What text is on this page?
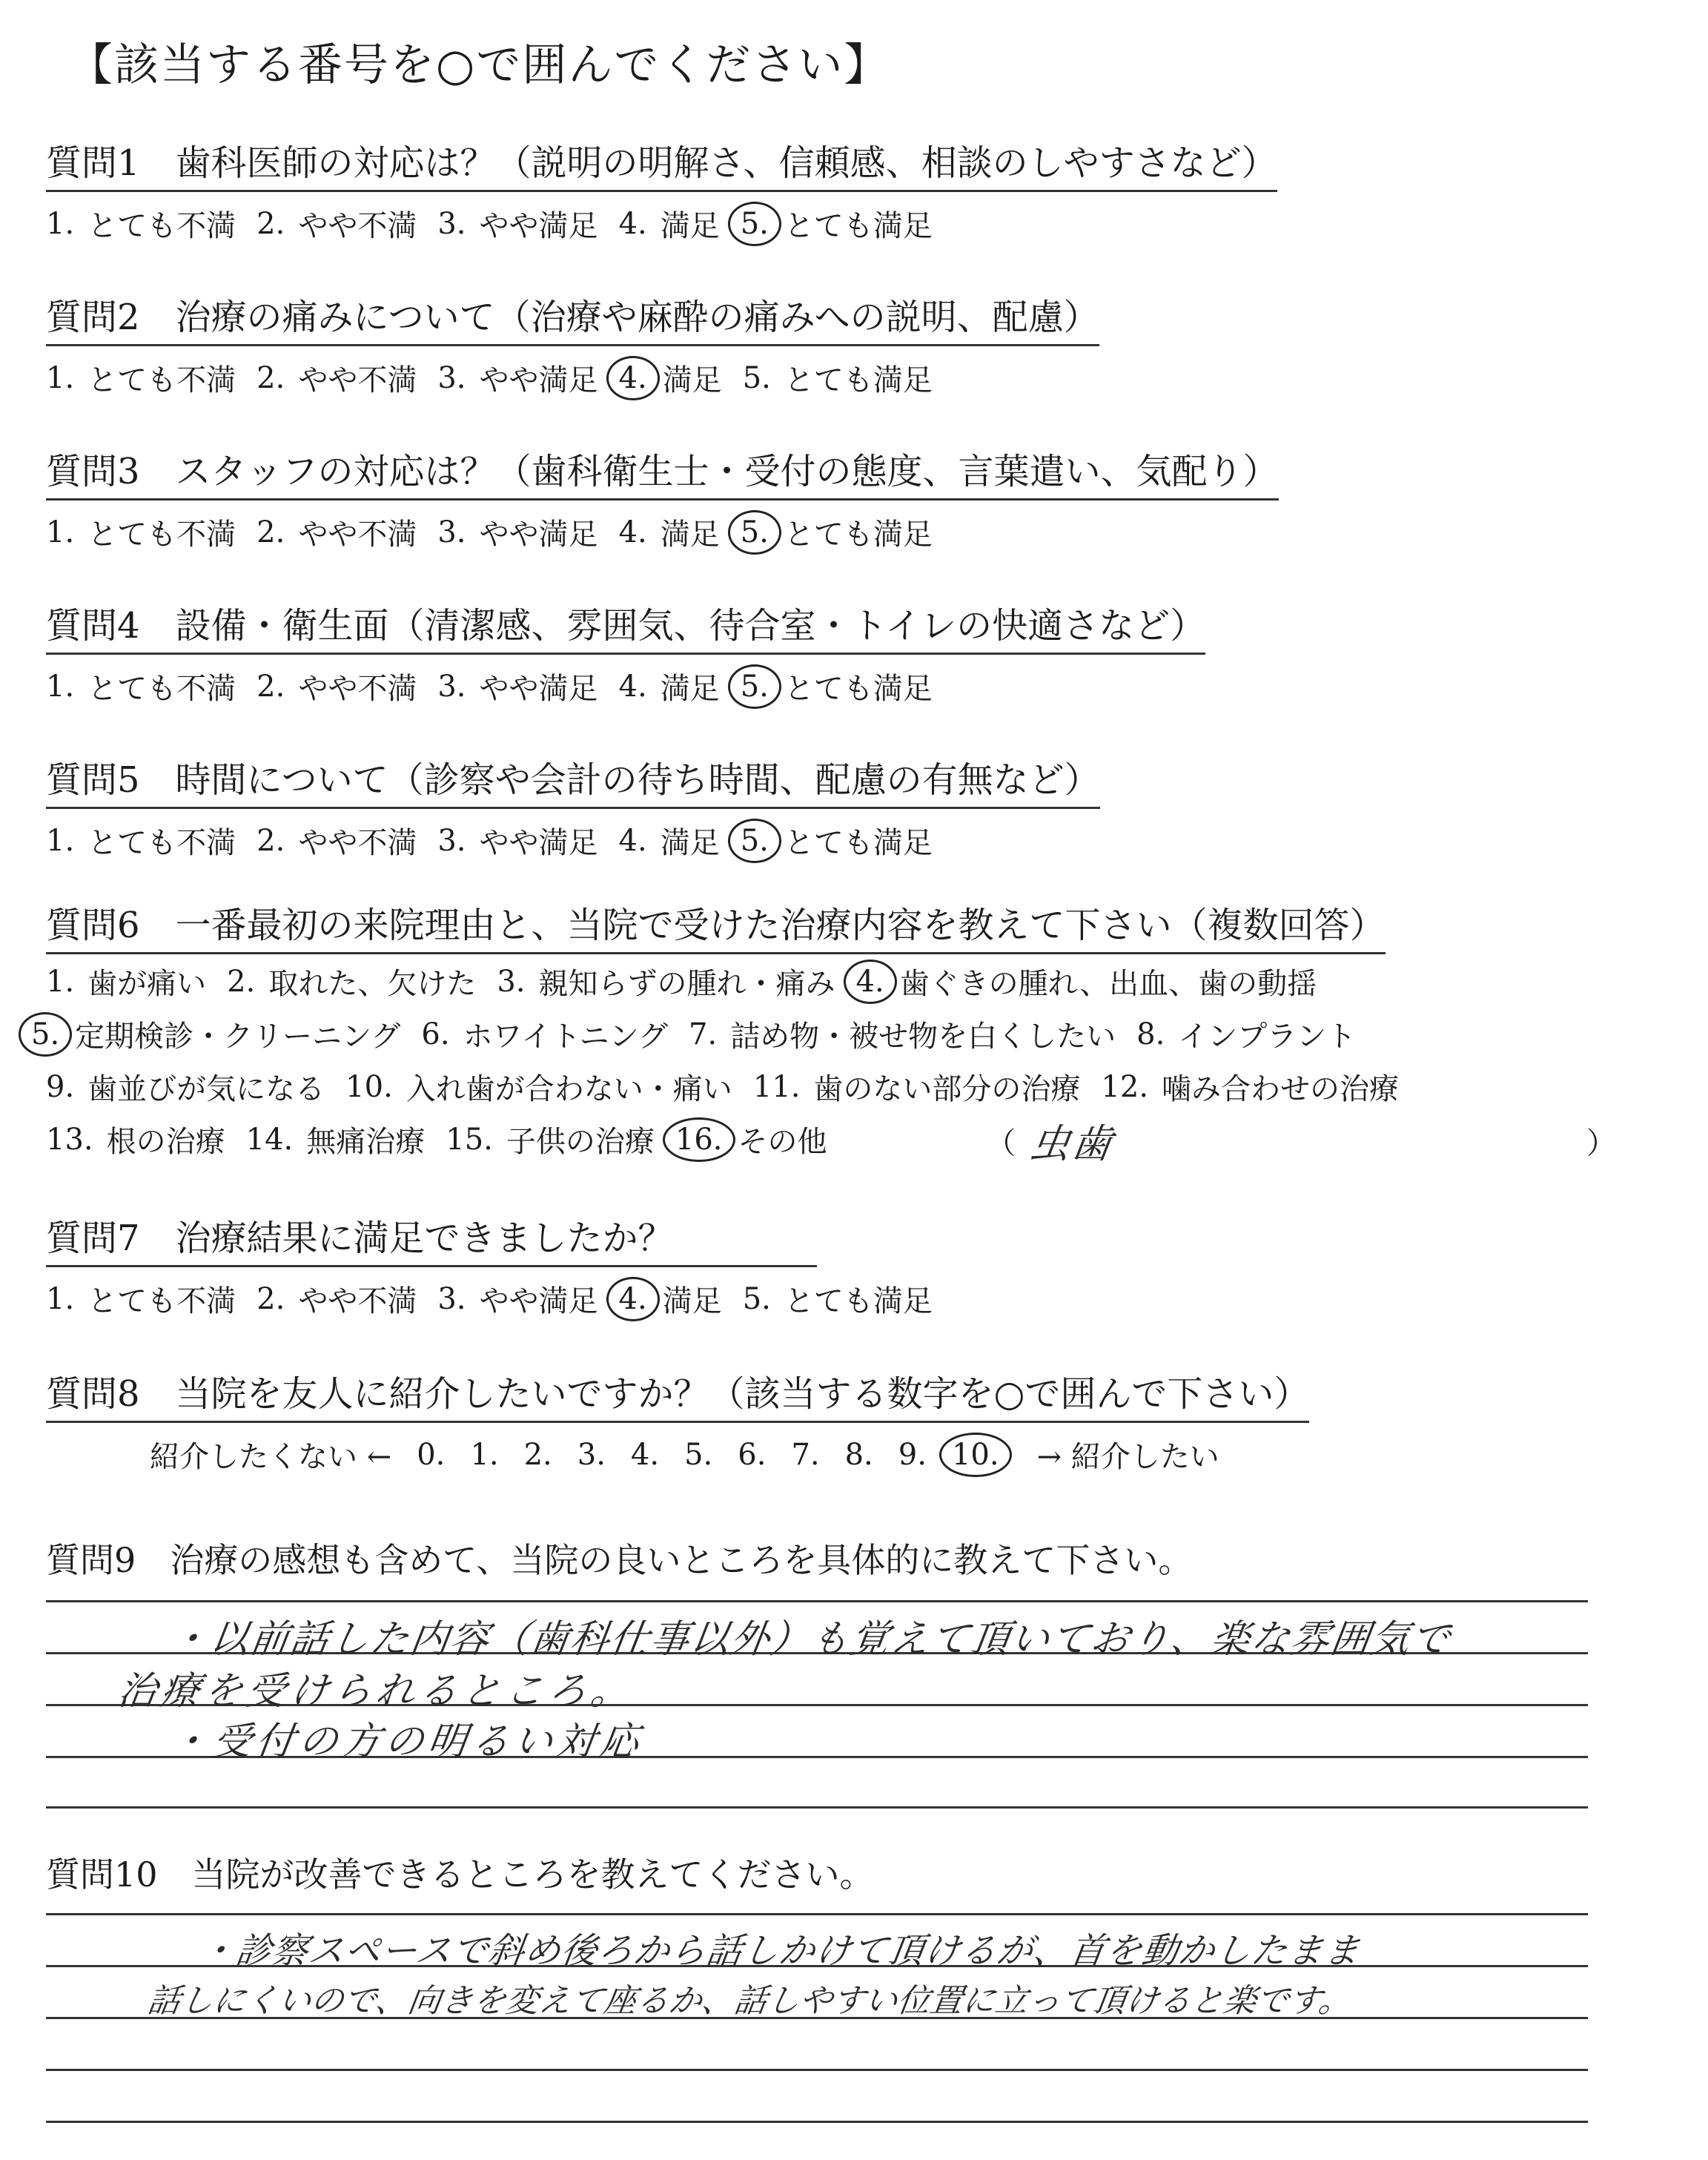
【該当する番号を○で囲んでください】
質問1　歯科医師の対応は？（説明の明解さ、信頼感、相談のしやすさなど）
1. とても不満 2. やや不満 3. やや満足 4. 満足 5. とても満足
質問2　治療の痛みについて（治療や麻酔の痛みへの説明、配慮）
1. とても不満 2. やや不満 3. やや満足 4. 満足 5. とても満足
質問3　スタッフの対応は？（歯科衛生士・受付の態度、言葉遣い、気配り）
1. とても不満 2. やや不満 3. やや満足 4. 満足 5. とても満足
質問4　設備・衛生面（清潔感、雰囲気、待合室・トイレの快適さなど）
1. とても不満 2. やや不満 3. やや満足 4. 満足 5. とても満足
質問5　時間について（診察や会計の待ち時間、配慮の有無など）
1. とても不満 2. やや不満 3. やや満足 4. 満足 5. とても満足
質問6　一番最初の来院理由と、当院で受けた治療内容を教えて下さい（複数回答）
1. 歯が痛い 2. 取れた、欠けた 3. 親知らずの腫れ・痛み 4. 歯ぐきの腫れ、出血、歯の動揺
5. 定期検診・クリーニング 6. ホワイトニング 7. 詰め物・被せ物を白くしたい 8. インプラント
9. 歯並びが気になる 10. 入れ歯が合わない・痛い 11. 歯のない部分の治療 12. 噛み合わせの治療
13. 根の治療 14. 無痛治療 15. 子供の治療 16. その他	（ 虫歯	）
質問7　治療結果に満足できましたか？
1. とても不満 2. やや不満 3. やや満足 4. 満足 5. とても満足
質問8　当院を友人に紹介したいですか？（該当する数字を○で囲んで下さい）
紹介したくない ← 0. 1. 2. 3. 4. 5. 6. 7. 8. 9. 10.	→ 紹介したい
質問9　治療の感想も含めて、当院の良いところを具体的に教えて下さい。
・以前話した内容（歯科仕事以外）も覚えて頂いており、楽な雰囲気で
治療を受けられるところ。
・受付の方の明るい対応
質問10　当院が改善できるところを教えてください。
・診察スペースで斜め後ろから話しかけて頂けるが、首を動かしたまま
話しにくいので、向きを変えて座るか、話しやすい位置に立って頂けると楽です。
